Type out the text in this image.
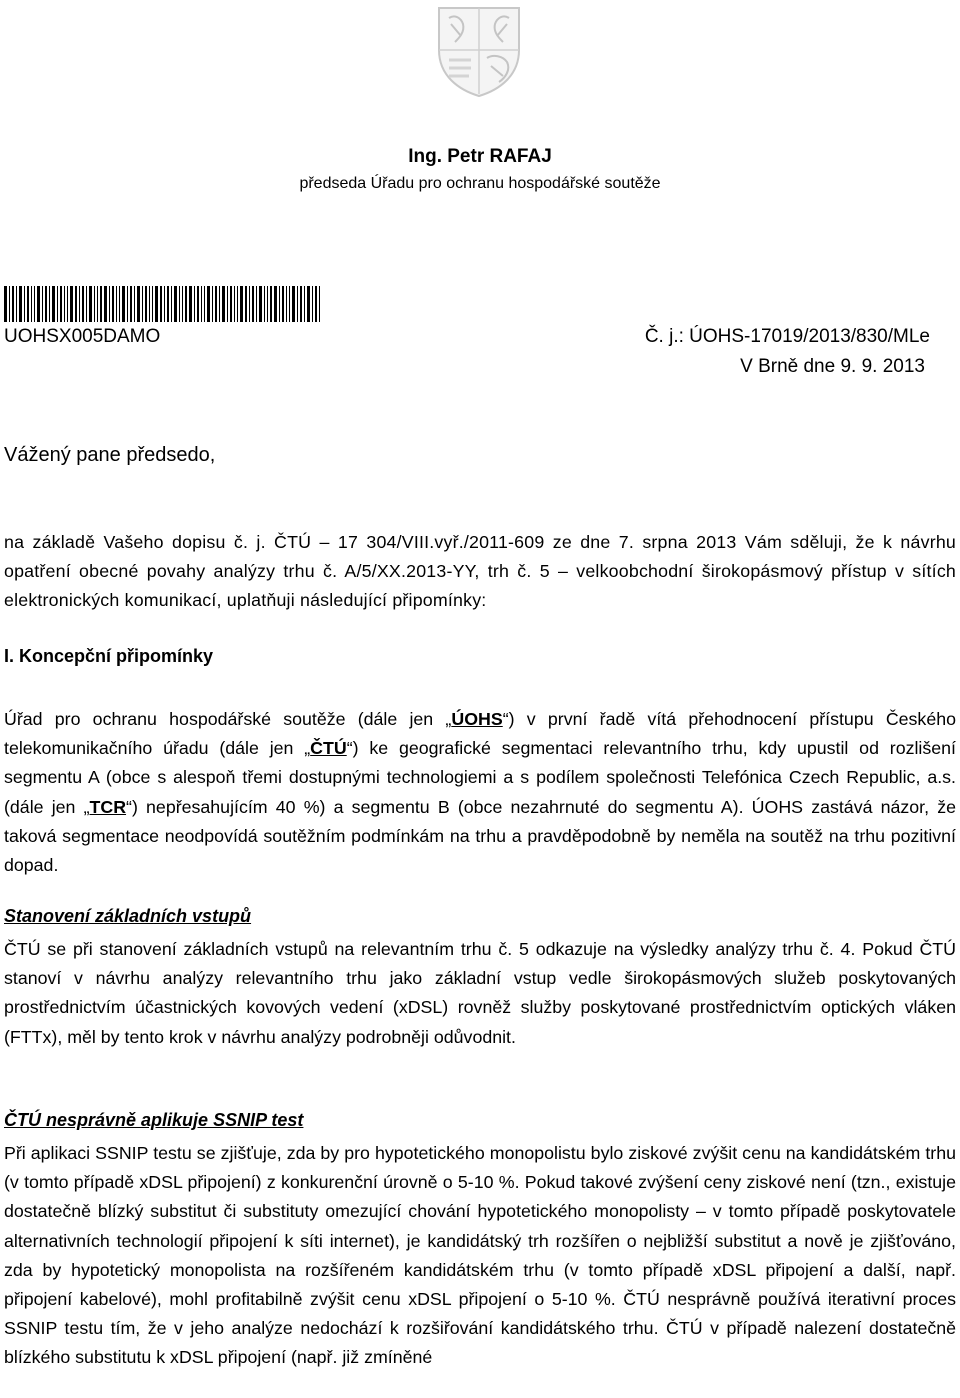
Ing. Petr RAFAJ
předseda Úřadu pro ochranu hospodářské soutěže
UOHSX005DAMO	Č. j.: ÚOHS-17019/2013/830/MLe
V Brně dne 9. 9. 2013
Vážený pane předsedo,
na základě Vašeho dopisu č. j. ČTÚ – 17 304/VIII.vyř./2011-609 ze dne 7. srpna 2013 Vám sděluji, že k návrhu opatření obecné povahy analýzy trhu č. A/5/XX.2013-YY, trh č. 5 – velkoobchodní širokopásmový přístup v sítích elektronických komunikací, uplatňuji následující připomínky:
I. Koncepční připomínky
Úřad pro ochranu hospodářské soutěže (dále jen „ÚOHS“) v první řadě vítá přehodnocení přístupu Českého telekomunikačního úřadu (dále jen „ČTÚ“) ke geografické segmentaci relevantního trhu, kdy upustil od rozlišení segmentu A (obce s alespoň třemi dostupnými technologiemi a s podílem společnosti Telefónica Czech Republic, a.s. (dále jen „TCR“) nepřesahujícím 40 %) a segmentu B (obce nezahrnuté do segmentu A). ÚOHS zastává názor, že taková segmentace neodpovídá soutěžním podmínkám na trhu a pravděpodobně by neměla na soutěž na trhu pozitivní dopad.
Stanovení základních vstupů
ČTÚ se při stanovení základních vstupů na relevantním trhu č. 5 odkazuje na výsledky analýzy trhu č. 4. Pokud ČTÚ stanoví v návrhu analýzy relevantního trhu jako základní vstup vedle širokopásmových služeb poskytovaných prostřednictvím účastnických kovových vedení (xDSL) rovněž služby poskytované prostřednictvím optických vláken (FTTx), měl by tento krok v návrhu analýzy podrobněji odůvodnit.
ČTÚ nesprávně aplikuje SSNIP test
Při aplikaci SSNIP testu se zjišťuje, zda by pro hypotetického monopolistu bylo ziskové zvýšit cenu na kandidátském trhu (v tomto případě xDSL připojení) z konkurenční úrovně o 5-10 %. Pokud takové zvýšení ceny ziskové není (tzn., existuje dostatečně blízký substitut či substituty omezující chování hypotetického monopolisty – v tomto případě poskytovatele alternativních technologií připojení k síti internet), je kandidátský trh rozšířen o nejbližší substitut a nově je zjišťováno, zda by hypotetický monopolista na rozšířeném kandidátském trhu (v tomto případě xDSL připojení a další, např. připojení kabelové), mohl profitabilně zvýšit cenu xDSL připojení o 5-10 %. ČTÚ nesprávně používá iterativní proces SSNIP testu tím, že v jeho analýze nedochází k rozšiřování kandidátského trhu. ČTÚ v případě nalezení dostatečně blízkého substitutu k xDSL připojení (např. již zmíněné
